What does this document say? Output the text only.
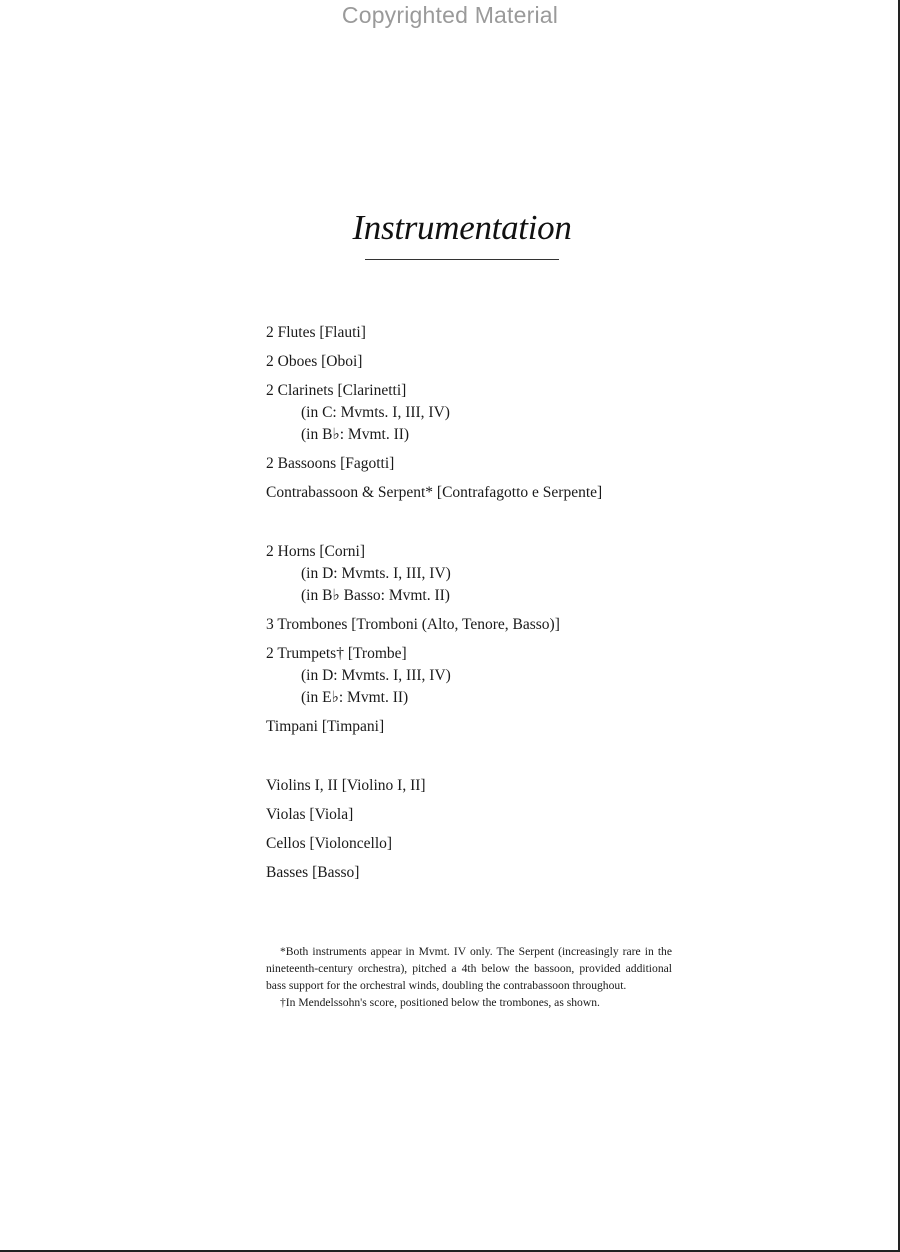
Copyrighted Material
Instrumentation
2 Flutes [Flauti]
2 Oboes [Oboi]
2 Clarinets [Clarinetti]
(in C: Mvmts. I, III, IV)
(in B♭: Mvmt. II)
2 Bassoons [Fagotti]
Contrabassoon & Serpent* [Contrafagotto e Serpente]
2 Horns [Corni]
(in D: Mvmts. I, III, IV)
(in B♭ Basso: Mvmt. II)
3 Trombones [Tromboni (Alto, Tenore, Basso)]
2 Trumpets† [Trombe]
(in D: Mvmts. I, III, IV)
(in E♭: Mvmt. II)
Timpani [Timpani]
Violins I, II [Violino I, II]
Violas [Viola]
Cellos [Violoncello]
Basses [Basso]

*Both instruments appear in Mvmt. IV only. The Serpent (increasingly rare in the nineteenth-century orchestra), pitched a 4th below the bassoon, provided additional bass support for the orchestral winds, doubling the contrabassoon throughout.

†In Mendelssohn's score, positioned below the trombones, as shown.
